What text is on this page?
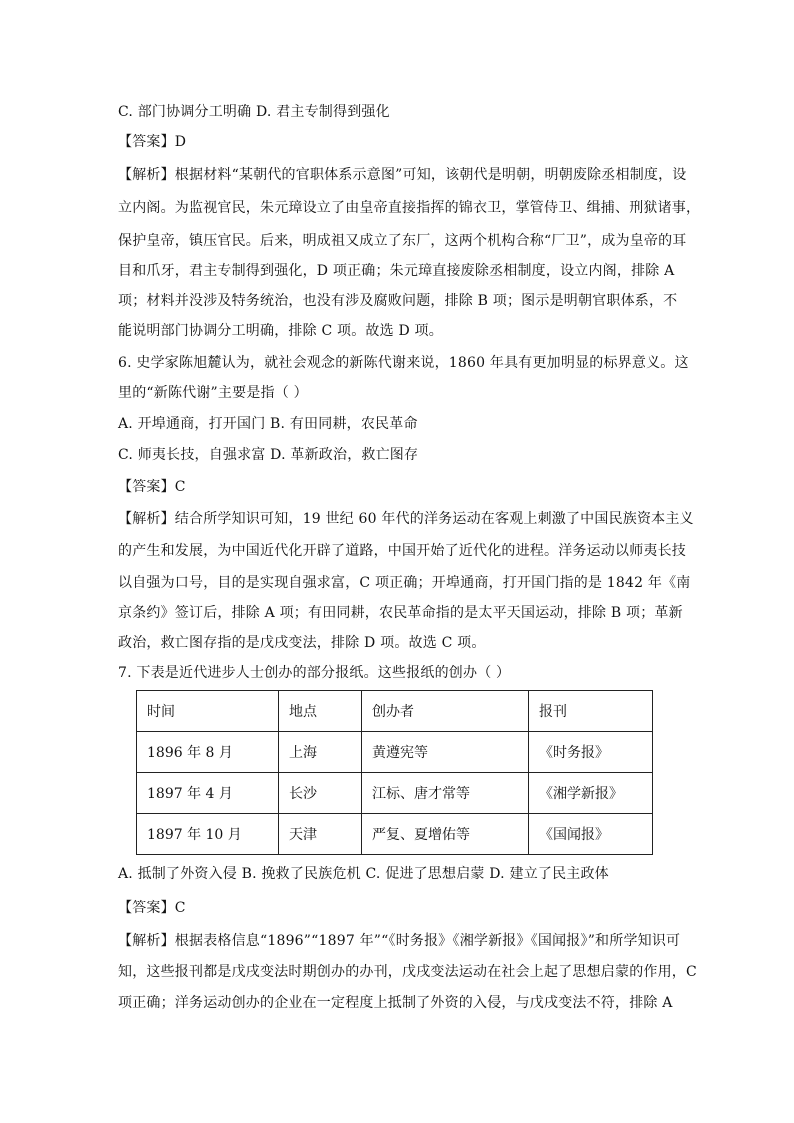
C. 部门协调分工明确 D. 君主专制得到强化
【答案】D
【解析】根据材料“某朝代的官职体系示意图”可知，该朝代是明朝，明朝废除丞相制度，设
立内阁。为监视官民，朱元璋设立了由皇帝直接指挥的锦衣卫，掌管侍卫、缉捕、刑狱诸事，
保护皇帝，镇压官民。后来，明成祖又成立了东厂，这两个机构合称“厂卫”，成为皇帝的耳
目和爪牙，君主专制得到强化，D 项正确；朱元璋直接废除丞相制度，设立内阁，排除 A
项；材料并没涉及特务统治，也没有涉及腐败问题，排除 B 项；图示是明朝官职体系，不
能说明部门协调分工明确，排除 C 项。故选 D 项。
6. 史学家陈旭麓认为，就社会观念的新陈代谢来说，1860 年具有更加明显的标界意义。这
里的“新陈代谢”主要是指（ ）
A. 开埠通商，打开国门 B. 有田同耕，农民革命
C. 师夷长技，自强求富 D. 革新政治，救亡图存
【答案】C
【解析】结合所学知识可知，19 世纪 60 年代的洋务运动在客观上刺激了中国民族资本主义
的产生和发展，为中国近代化开辟了道路，中国开始了近代化的进程。洋务运动以师夷长技
以自强为口号，目的是实现自强求富，C 项正确；开埠通商，打开国门指的是 1842 年《南
京条约》签订后，排除 A 项；有田同耕，农民革命指的是太平天国运动，排除 B 项；革新
政治，救亡图存指的是戊戌变法，排除 D 项。故选 C 项。
7. 下表是近代进步人士创办的部分报纸。这些报纸的创办（ ）
时间	地点	创办者	报刊
1896 年 8 月	上海	黄遵宪等	《时务报》
1897 年 4 月	长沙	江标、唐才常等	《湘学新报》
1897 年 10 月	天津	严复、夏增佑等	《国闻报》
A. 抵制了外资入侵 B. 挽救了民族危机 C. 促进了思想启蒙 D. 建立了民主政体
【答案】C
【解析】根据表格信息“1896”“1897 年”“《时务报》《湘学新报》《国闻报》”和所学知识可
知，这些报刊都是戊戌变法时期创办的办刊，戊戌变法运动在社会上起了思想启蒙的作用，C
项正确；洋务运动创办的企业在一定程度上抵制了外资的入侵，与戊戌变法不符，排除 A
